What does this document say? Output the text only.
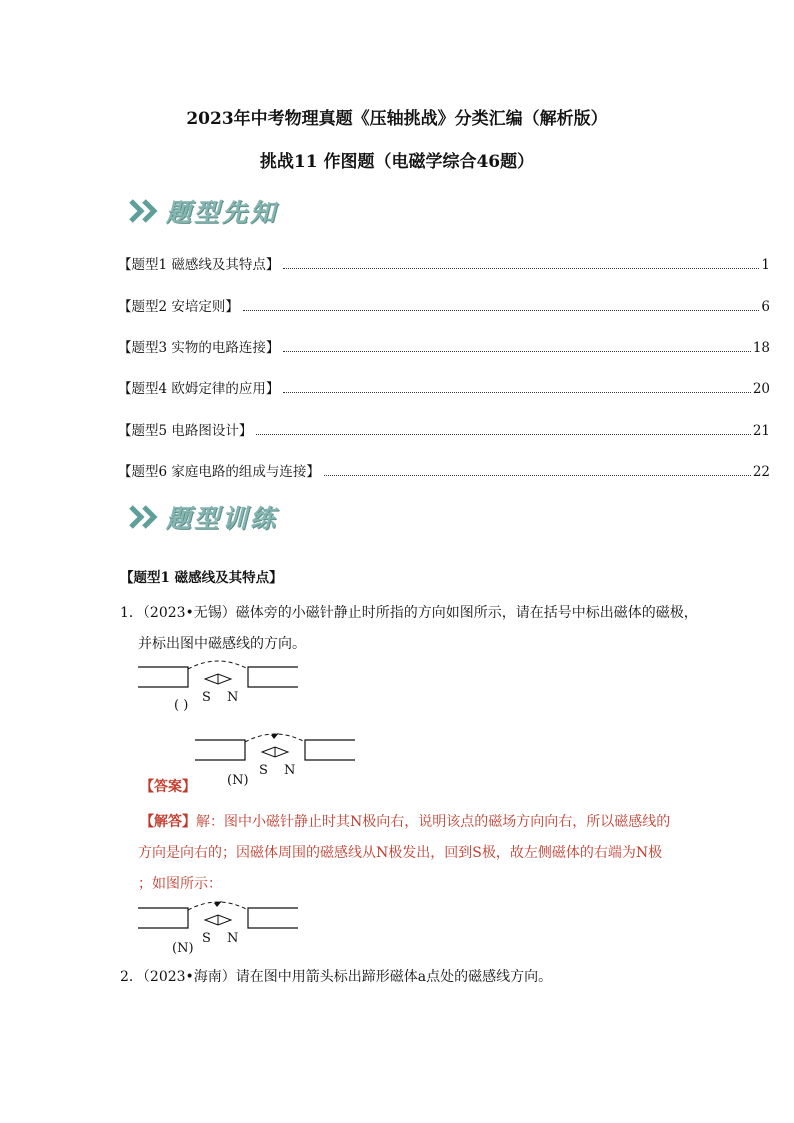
2023年中考物理真题《压轴挑战》分类汇编（解析版）
挑战11 作图题（电磁学综合46题）
题型先知
【题型1 磁感线及其特点】	1
【题型2 安培定则】	6
【题型3 实物的电路连接】	18
【题型4 欧姆定律的应用】	20
【题型5 电路图设计】	21
【题型6 家庭电路的组成与连接】	22
题型训练
【题型1 磁感线及其特点】
1．（2023•无锡）磁体旁的小磁针静止时所指的方向如图所示，请在括号中标出磁体的磁极，
并标出图中磁感线的方向。
S N
( )
S N
(N)
【答案】
【解答】解：图中小磁针静止时其N极向右，说明该点的磁场方向向右，所以磁感线的
方向是向右的；因磁体周围的磁感线从N极发出，回到S极，故左侧磁体的右端为N极
；如图所示：
S N
(N)
2．（2023•海南）请在图中用箭头标出蹄形磁体a点处的磁感线方向。
